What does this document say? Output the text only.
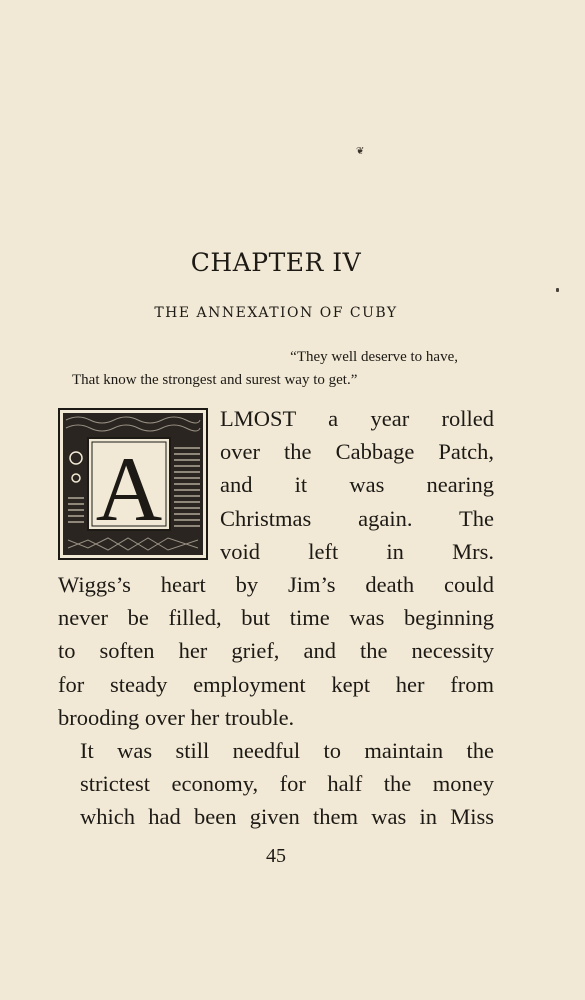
❦
CHAPTER IV
THE ANNEXATION OF CUBY
“They well deserve to have,
That know the strongest and surest way to get.”
A

LMOST a year rolled
over the Cabbage Patch,
and it was nearing
Christmas again. The
void left in Mrs.
Wiggs’s heart by Jim’s death could
never be filled, but time was beginning
to soften her grief, and the necessity
for steady employment kept her from
brooding over her trouble.

It was still needful to maintain the
strictest economy, for half the money
which had been given them was in Miss

45
